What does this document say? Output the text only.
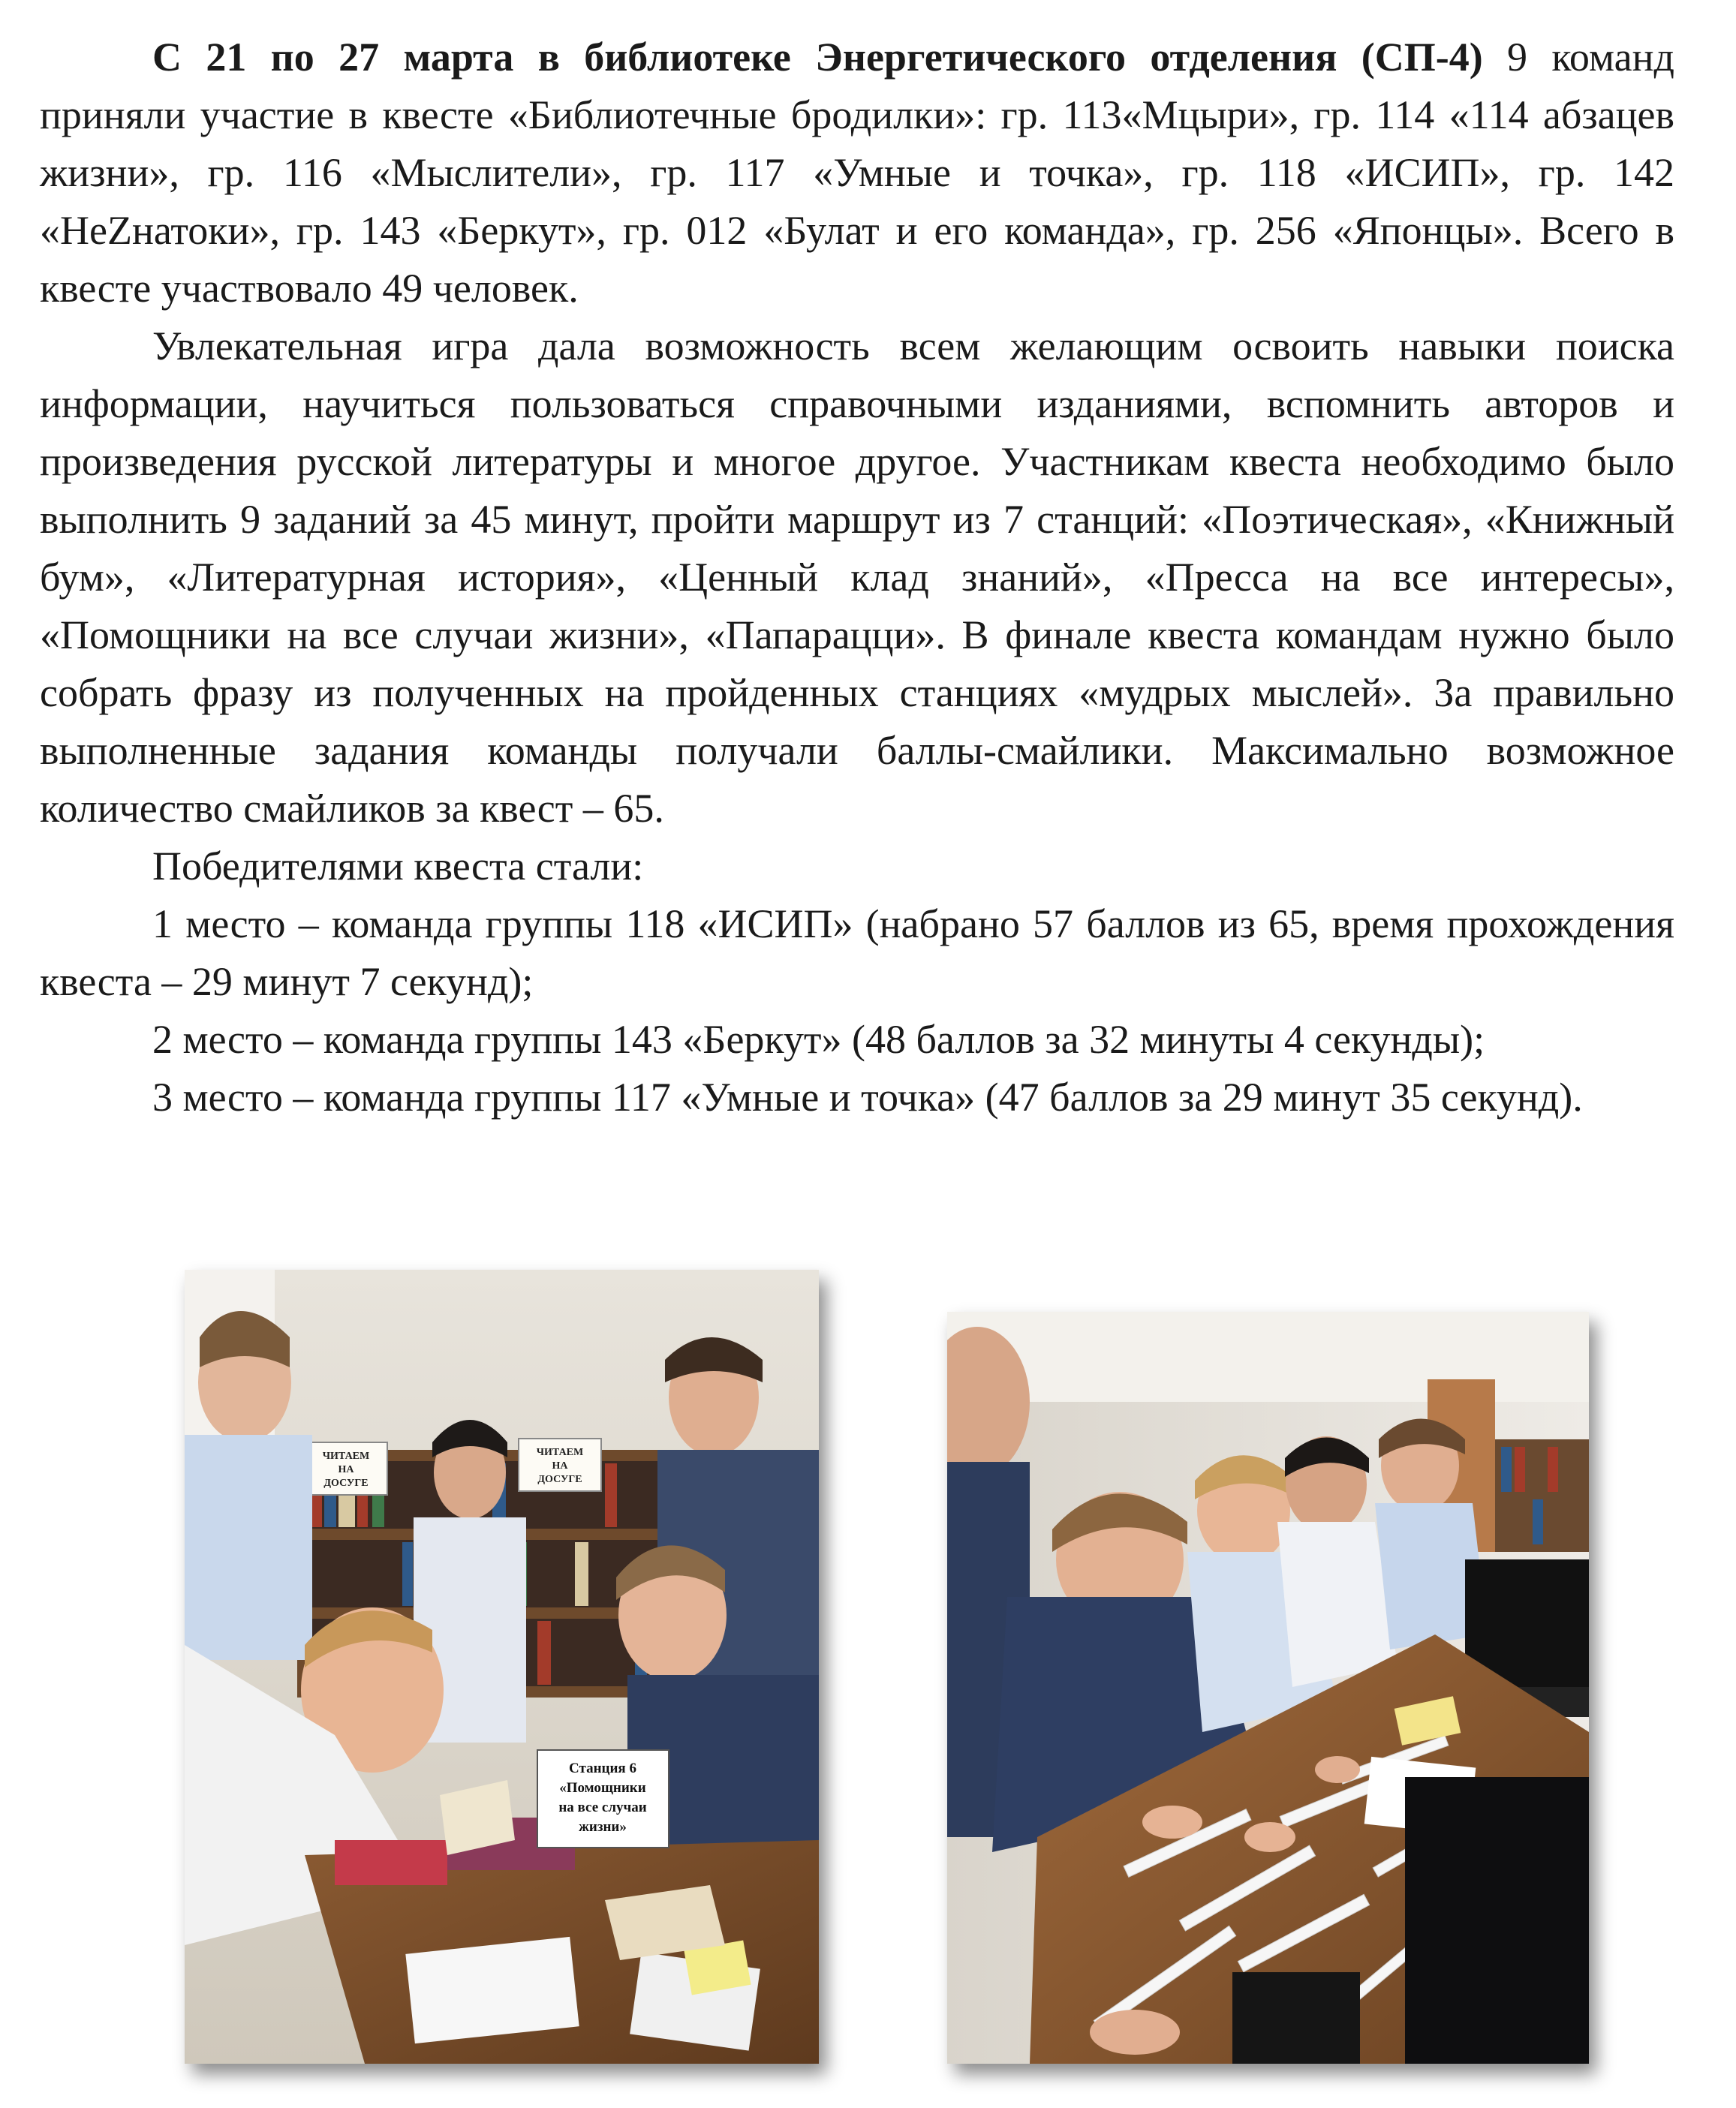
С 21 по 27 марта в библиотеке Энергетического отделения (СП-4) 9 команд приняли участие в квесте «Библиотечные бродилки»: гр. 113«Мцыри», гр. 114 «114 абзацев жизни», гр. 116 «Мыслители», гр. 117 «Умные и точка», гр. 118 «ИСИП», гр. 142 «НеZнатоки», гр. 143 «Беркут», гр. 012 «Булат и его команда», гр. 256 «Японцы». Всего в квесте участвовало 49 человек.

Увлекательная игра дала возможность всем желающим освоить навыки поиска информации, научиться пользоваться справочными изданиями, вспомнить авторов и произведения русской литературы и многое другое. Участникам квеста необходимо было выполнить 9 заданий за 45 минут, пройти маршрут из 7 станций: «Поэтическая», «Книжный бум», «Литературная история», «Ценный клад знаний», «Пресса на все интересы», «Помощники на все случаи жизни», «Папарацци». В финале квеста командам нужно было собрать фразу из полученных на пройденных станциях «мудрых мыслей». За правильно выполненные задания команды получали баллы-смайлики. Максимально возможное количество смайликов за квест – 65.

Победителями квеста стали:

1 место – команда группы 118 «ИСИП» (набрано 57 баллов из 65, время прохождения квеста – 29 минут 7 секунд);

2 место – команда группы 143 «Беркут» (48 баллов за 32 минуты 4 секунды);

3 место – команда группы 117 «Умные и точка» (47 баллов за 29 минут 35 секунд).

ЧИТАЕМ
НА
ДОСУГЕ
ЧИТАЕМ
НА
ДОСУГЕ
Станция 6
«Помощники
на все случаи
жизни»
